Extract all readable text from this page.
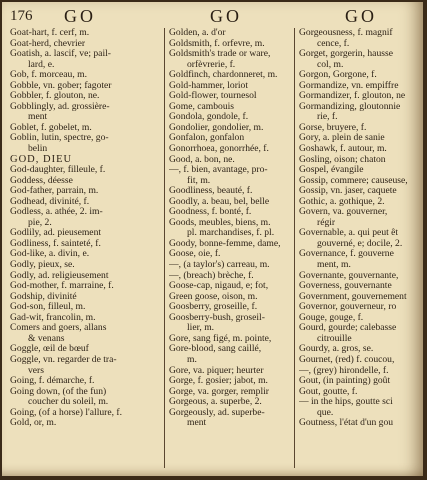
176 GO	GO	GO
Goat-hart, f. cerf, m.
Goat-herd, chevrier
Goatish, a. lascif, ve; pail-
lard, e.
Gob, f. morceau, m.
Gobble, vn. gober; fagoter
Gobbler, f. glouton, ne.
Gobblingly, ad. grossière-
ment
Goblet, f. gobelet, m.
Goblin, lutin, spectre, go-
belin
GOD, DIEU
God-daughter, filleule, f.
Goddess, déesse
God-father, parrain, m.
Godhead, divinité, f.
Godless, a. athée, 2. im-
pie, 2.
Godlily, ad. pieusement
Godliness, f. sainteté, f.
God-like, a. divin, e.
Godly, pieux, se.
Godly, ad. religieusement
God-mother, f. marraine, f.
Godship, divinité
God-son, filleul, m.
Gad-wit, francolin, m.
Comers and goers, allans
& venans
Goggle, œil de bœuf
Goggle, vn. regarder de tra-
vers
Going, f. démarche, f.
Going down, (of the fun)
coucher du soleil, m.
Going, (of a horse) l'allure, f.
Gold, or, m.
Golden, a. d'or
Goldsmith, f. orfevre, m.
Goldsmith's trade or ware,
orfèvrerie, f.
Goldfinch, chardonneret, m.
Gold-hammer, loriot
Gold-flower, tournesol
Gome, cambouis
Gondola, gondole, f.
Gondolier, gondolier, m.
Gonfalon, gonfalon
Gonorrhoea, gonorrhée, f.
Good, a. bon, ne.
—, f. bien, avantage, pro-
fit, m.
Goodliness, beauté, f.
Goodly, a. beau, bel, belle
Goodness, f. bonté, f.
Goods, meubles, biens, m.
pl. marchandises, f. pl.
Goody, bonne-femme, dame,
Goose, oie, f.
—, (a taylor's) carreau, m.
—, (breach) brèche, f.
Goose-cap, nigaud, e; fot,
Green goose, oison, m.
Goosberry, groseille, f.
Goosberry-bush, groseil-
lier, m.
Gore, sang figé, m. pointe,
Gore-blood, sang caillé,
m.
Gore, va. piquer; heurter
Gorge, f. gosier; jabot, m.
Gorge, va. gorger, remplir
Gorgeous, a. superbe, 2.
Gorgeously, ad. superbe-
ment
Gorgeousness, f. magnif
cence, f.
Gorget, gorgerin, hausse
col, m.
Gorgon, Gorgone, f.
Gormandize, vn. empiffre
Gormandizer, f. glouton, ne
Gormandizing, gloutonnie
rie, f.
Gorse, bruyere, f.
Gory, a. plein de sanie
Goshawk, f. autour, m.
Gosling, oison; chaton
Gospel, évangile
Gossip, commere; causeuse,
Gossip, vn. jaser, caquete
Gothic, a. gothique, 2.
Govern, va. gouverner,
régir
Governable, a. qui peut êt
gouverné, e; docile, 2.
Governance, f. gouverne
ment, m.
Governante, gouvernante,
Governess, gouvernante
Government, gouvernement
Governor, gouverneur, ro
Gouge, gouge, f.
Gourd, gourde; calebasse
citrouille
Gourdy, a. gros, se.
Gournet, (red) f. coucou,
—, (grey) hirondelle, f.
Gout, (in painting) goût
Gout, goutte, f.
— in the hips, goutte sci
que.
Goutness, l'état d'un gou
